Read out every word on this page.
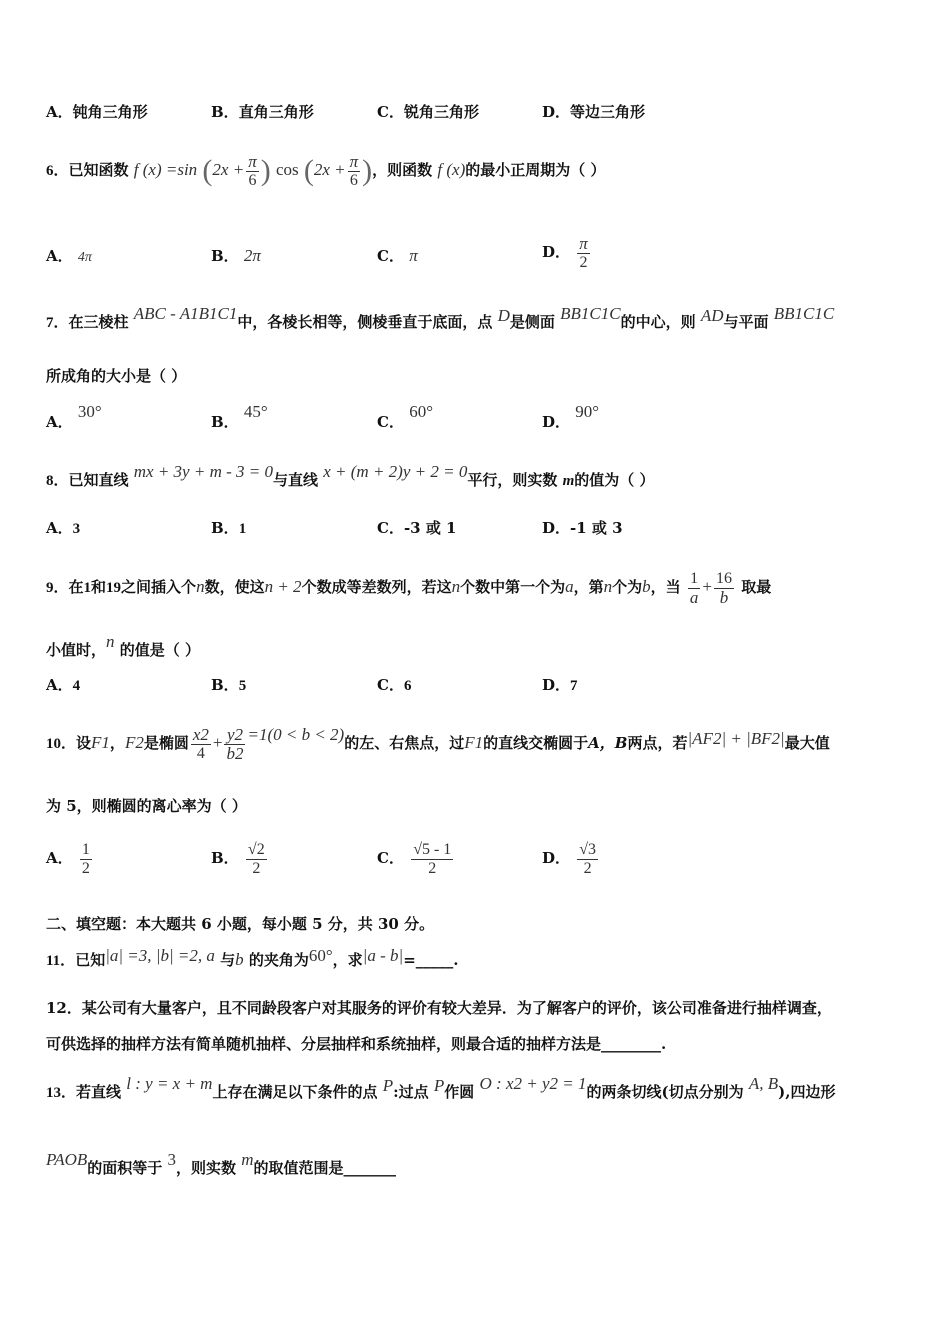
A．钝角三角形	B．直角三角形	C．锐角三角形	D．等边三角形
6．已知函数 f (x) =sin ($2x + \frac{\pi}{6}$ ) $\cos (2x + \frac{\pi}{6}$ )，则函数 f (x)的最小正周期为（ ）
A． 4π	B． 2π	C． π	D． $\frac{\pi}{2}$
7．在三棱柱 ABC - A1B1C1中，各棱长相等，侧棱垂直于底面，点 D是侧面 BB1C1C的中心，则 AD与平面 BB1C1C
所成角的大小是（ ）
A． 30°
B． 45°
C． 60°
D． 90°
8．已知直线 mx + 3y + m - 3 = 0与直线 x + (m + 2)y + 2 = 0平行，则实数 m的值为（ ）
A．3	B．1	C．-3 或 1	D．-1 或 3
9．在1和19之间插入个n数，使这n + 2个数成等差数列，若这n个数中第一个为a，第n个为b，当 $\frac{1}{a} + \frac{16}{b}$ 取最
小值时，n 的值是（ ）
A．4	B．5	C．6	D．7
10．设F1，F2是椭圆 $\frac{x2}{4} + \frac{y2}{b2} =1(0 < b < 2)$的左、右焦点，过F1的直线交椭圆于A，B两点，若|AF2| + |BF2|最大值
为 5，则椭圆的离心率为（ ）
A． $\frac{1}{2}$	B． $\frac{√2}{2}$	C． $\frac{√5 - 1}{2}$	D． $\frac{√3}{2}$
二、填空题：本大题共 6 小题，每小题 5 分，共 30 分。
11．已知|a| =3, |b| =2, a 与b 的夹角为60°，求|a - b|=_____.
12．某公司有大量客户，且不同龄段客户对其服务的评价有较大差异．为了解客户的评价，该公司准备进行抽样调查，
可供选择的抽样方法有简单随机抽样、分层抽样和系统抽样，则最合适的抽样方法是________.
13．若直线 l : y = x + m上存在满足以下条件的点 P:过点 P作圆 O : x2 + y2 = 1的两条切线(切点分别为 A, B),四边形
PAOB的面积等于 3，则实数 m的取值范围是_______
